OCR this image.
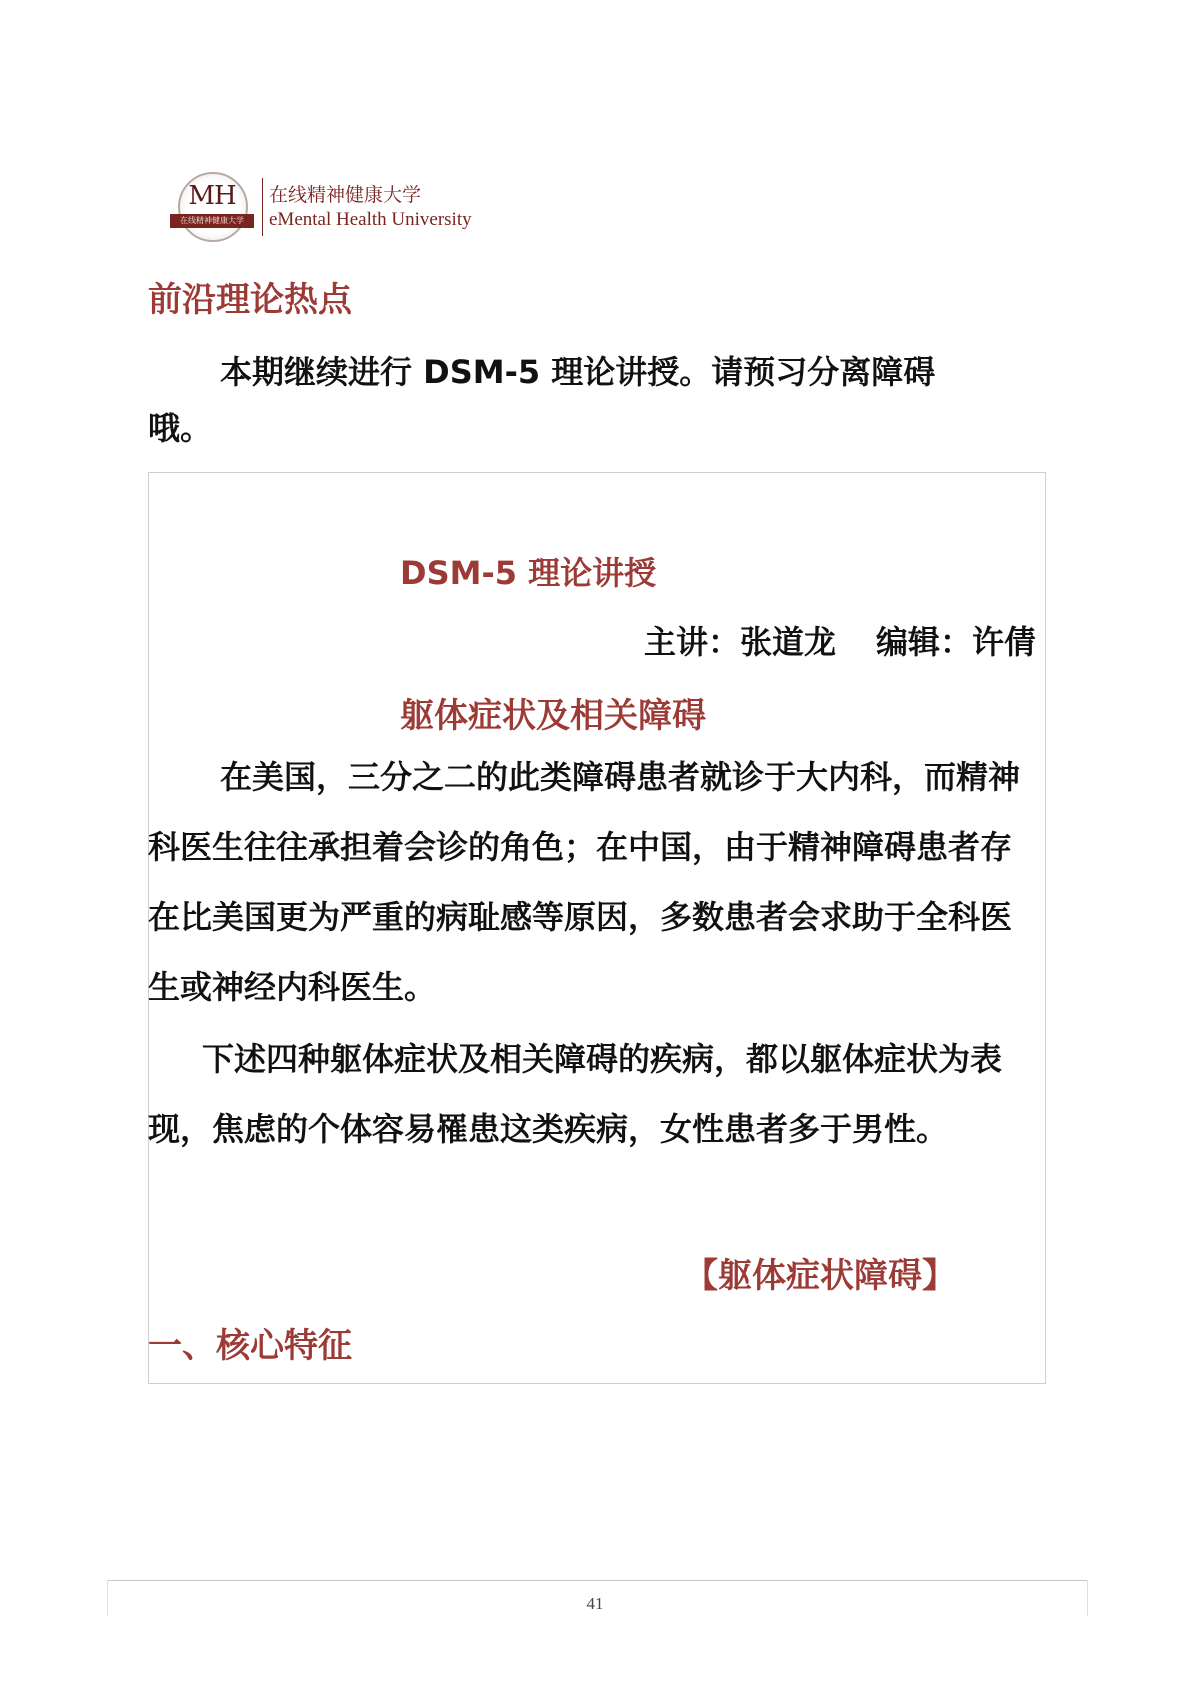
MH
在线精神健康大学
在线精神健康大学
eMental Health University
前沿理论热点

本期继续进行 DSM-5 理论讲授。请预习分离障碍哦。

DSM-5 理论讲授
主讲：张道龙 编辑：许倩
躯体症状及相关障碍

在美国，三分之二的此类障碍患者就诊于大内科，而精神科医生往往承担着会诊的角色；在中国，由于精神障碍患者存在比美国更为严重的病耻感等原因，多数患者会求助于全科医生或神经内科医生。

下述四种躯体症状及相关障碍的疾病，都以躯体症状为表现，焦虑的个体容易罹患这类疾病，女性患者多于男性。

【躯体症状障碍】
一、核心特征
41
